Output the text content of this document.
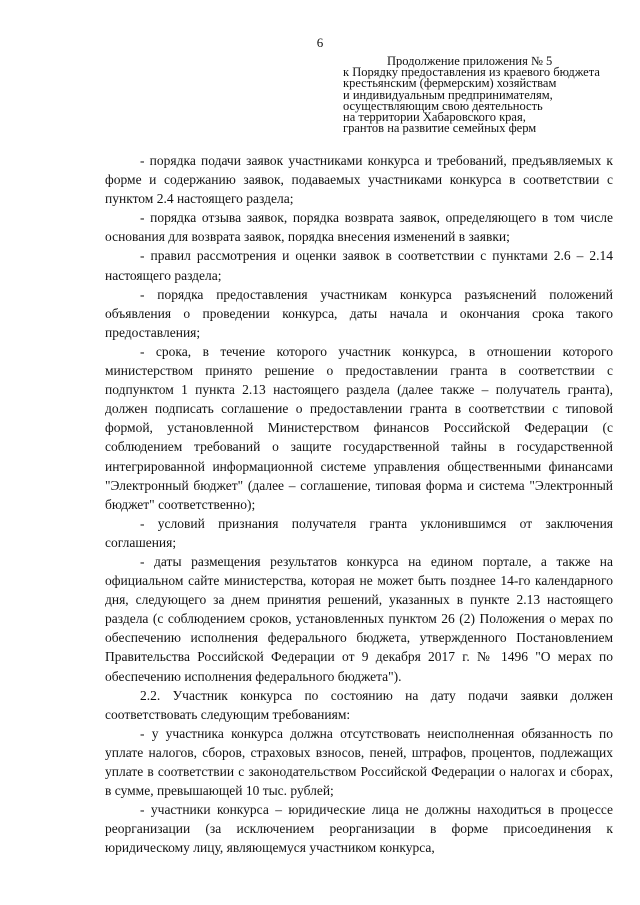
6
Продолжение приложения № 5
к Порядку предоставления из краевого бюджета
крестьянским (фермерским) хозяйствам
и индивидуальным предпринимателям,
осуществляющим свою деятельность
на территории Хабаровского края,
грантов на развитие семейных ферм

- порядка подачи заявок участниками конкурса и требований, предъявляемых к форме и содержанию заявок, подаваемых участниками конкурса в соответствии с пунктом 2.4 настоящего раздела;

- порядка отзыва заявок, порядка возврата заявок, определяющего в том числе основания для возврата заявок, порядка внесения изменений в заявки;

- правил рассмотрения и оценки заявок в соответствии с пунктами 2.6 – 2.14 настоящего раздела;

- порядка предоставления участникам конкурса разъяснений положений объявления о проведении конкурса, даты начала и окончания срока такого предоставления;

- срока, в течение которого участник конкурса, в отношении которого министерством принято решение о предоставлении гранта в соответствии с подпунктом 1 пункта 2.13 настоящего раздела (далее также – получатель гранта), должен подписать соглашение о предоставлении гранта в соответствии с типовой формой, установленной Министерством финансов Российской Федерации (с соблюдением требований о защите государственной тайны в государственной интегрированной информационной системе управления общественными финансами "Электронный бюджет" (далее – соглашение, типовая форма и система "Электронный бюджет" соответственно);

- условий признания получателя гранта уклонившимся от заключения соглашения;

- даты размещения результатов конкурса на едином портале, а также на официальном сайте министерства, которая не может быть позднее 14-го календарного дня, следующего за днем принятия решений, указанных в пункте 2.13 настоящего раздела (с соблюдением сроков, установленных пунктом 26 (2) Положения о мерах по обеспечению исполнения федерального бюджета, утвержденного Постановлением Правительства Российской Федерации от 9 декабря 2017 г. № 1496 "О мерах по обеспечению исполнения федерального бюджета").

2.2. Участник конкурса по состоянию на дату подачи заявки должен соответствовать следующим требованиям:

- у участника конкурса должна отсутствовать неисполненная обязанность по уплате налогов, сборов, страховых взносов, пеней, штрафов, процентов, подлежащих уплате в соответствии с законодательством Российской Федерации о налогах и сборах, в сумме, превышающей 10 тыс. рублей;

- участники конкурса – юридические лица не должны находиться в процессе реорганизации (за исключением реорганизации в форме присоединения к юридическому лицу, являющемуся участником конкурса,
